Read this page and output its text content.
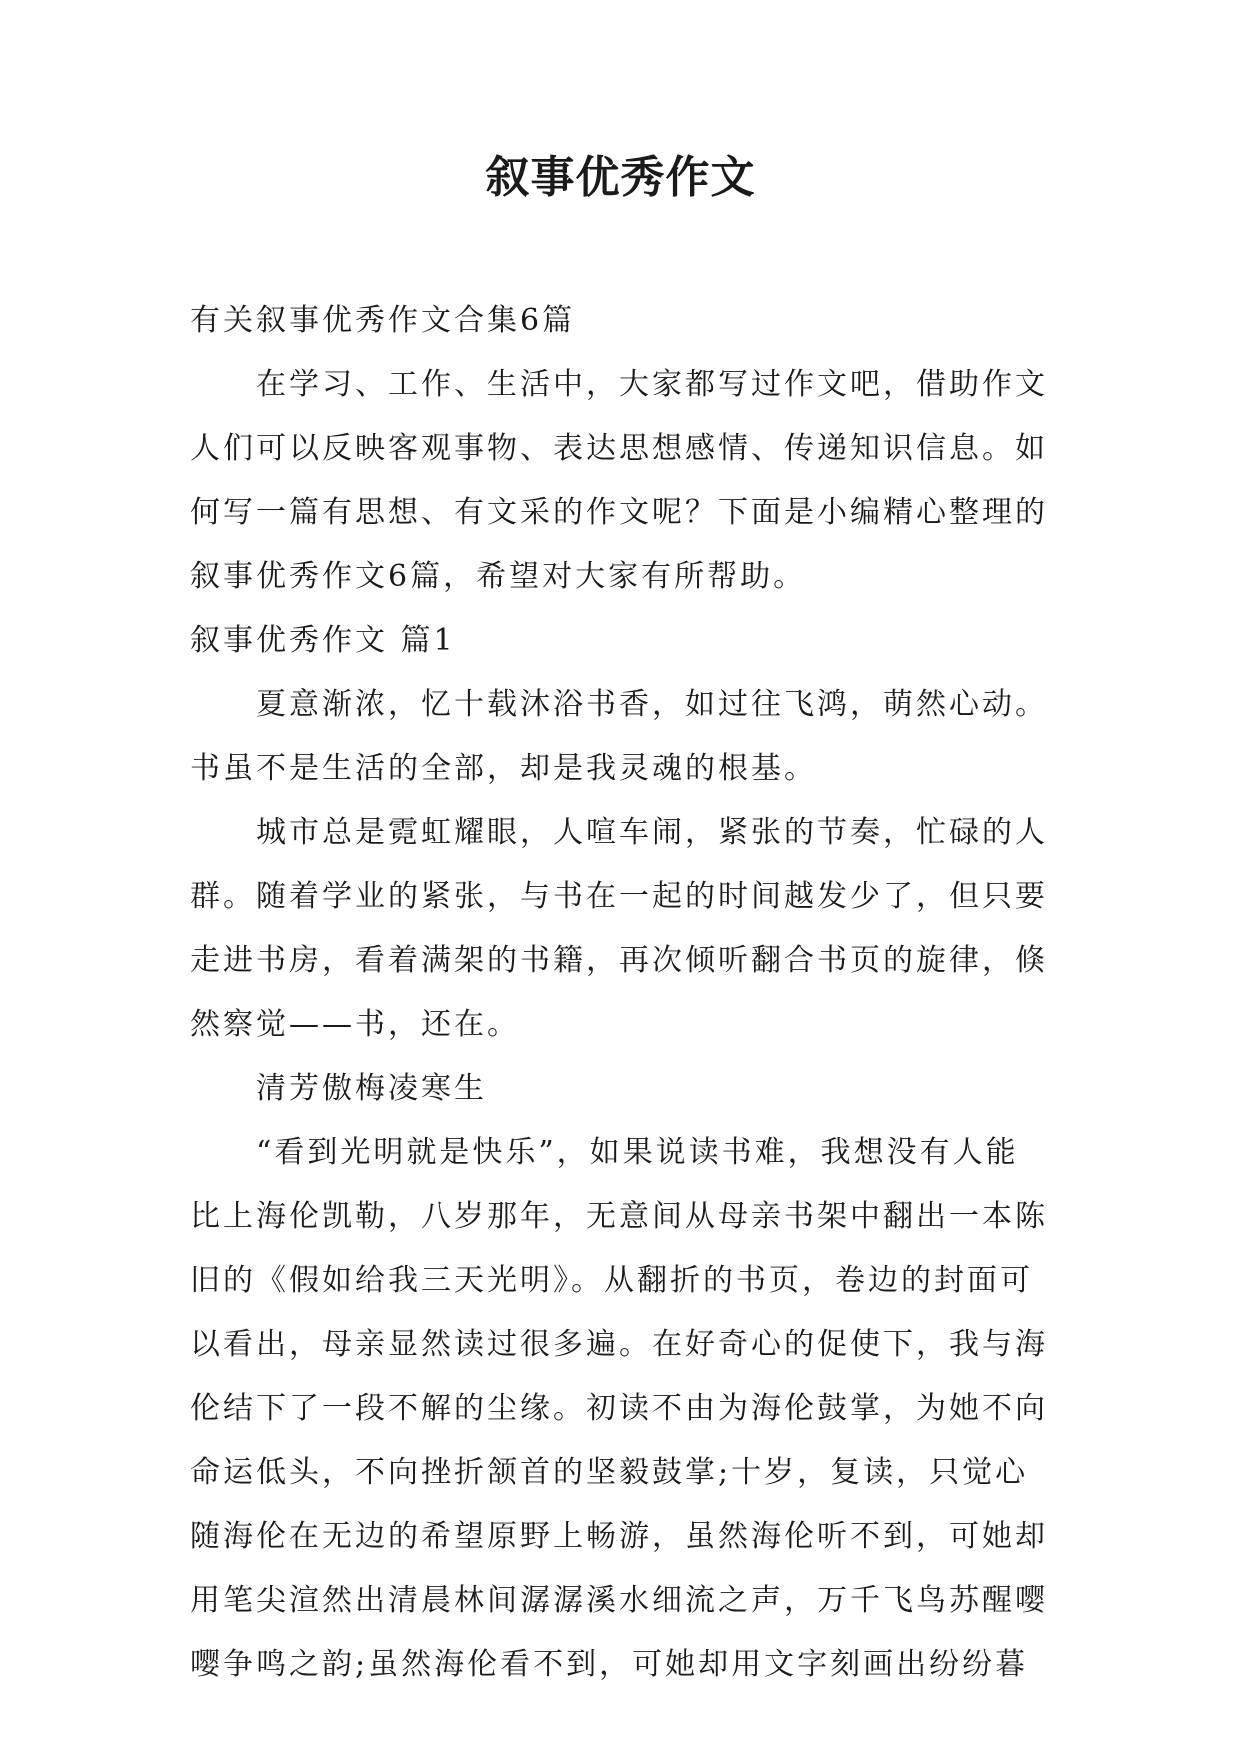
叙事优秀作文

有关叙事优秀作文合集6篇

在学习、工作、生活中，大家都写过作文吧，借助作文

人们可以反映客观事物、表达思想感情、传递知识信息。如

何写一篇有思想、有文采的作文呢？下面是小编精心整理的

叙事优秀作文6篇，希望对大家有所帮助。

叙事优秀作文 篇1

夏意渐浓，忆十载沐浴书香，如过往飞鸿，萌然心动。

书虽不是生活的全部，却是我灵魂的根基。

城市总是霓虹耀眼，人喧车闹，紧张的节奏，忙碌的人

群。随着学业的紧张，与书在一起的时间越发少了，但只要

走进书房，看着满架的书籍，再次倾听翻合书页的旋律，倏

然察觉——书，还在。

清芳傲梅凌寒生

“看到光明就是快乐”，如果说读书难，我想没有人能

比上海伦凯勒，八岁那年，无意间从母亲书架中翻出一本陈

旧的《假如给我三天光明》。从翻折的书页，卷边的封面可

以看出，母亲显然读过很多遍。在好奇心的促使下，我与海

伦结下了一段不解的尘缘。初读不由为海伦鼓掌，为她不向

命运低头，不向挫折颔首的坚毅鼓掌;十岁，复读，只觉心

随海伦在无边的希望原野上畅游，虽然海伦听不到，可她却

用笔尖渲然出清晨林间潺潺溪水细流之声，万千飞鸟苏醒嘤

嘤争鸣之韵;虽然海伦看不到，可她却用文字刻画出纷纷暮
